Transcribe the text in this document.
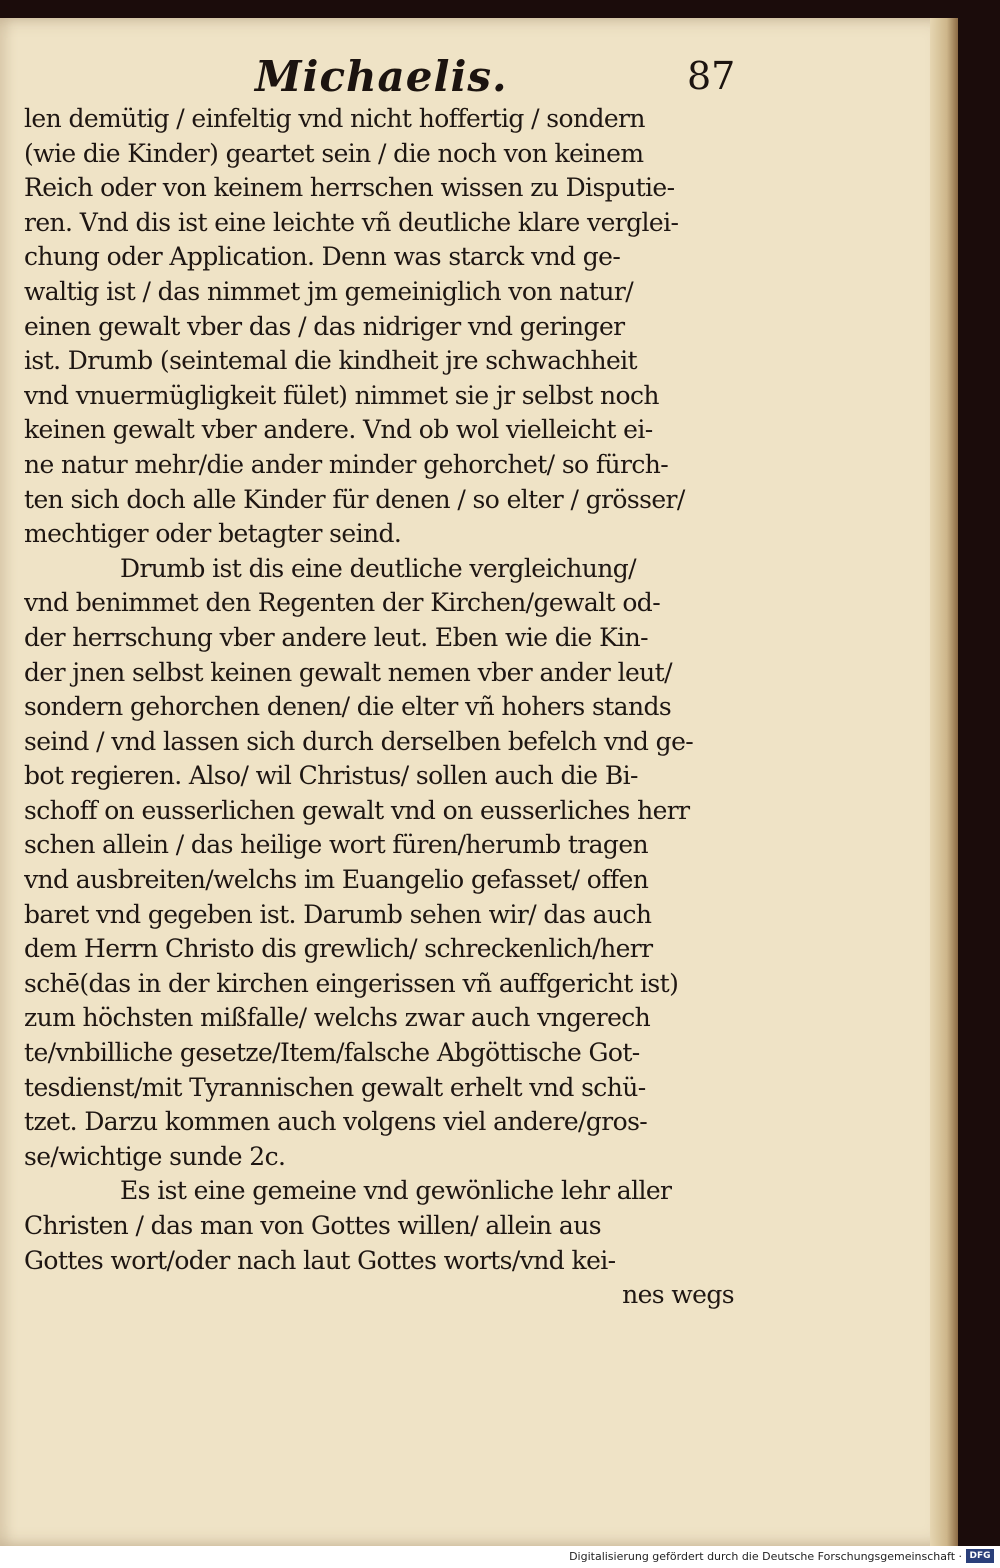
Michaelis.	87
len demütig / einfeltig vnd nicht hoffertig / sondern
(wie die Kinder) geartet sein / die noch von keinem
Reich oder von keinem herrschen wissen zu Disputie-
ren. Vnd dis ist eine leichte vñ deutliche klare verglei-
chung oder Application. Denn was starck vnd ge-
waltig ist / das nimmet jm gemeiniglich von natur/
einen gewalt vber das / das nidriger vnd geringer
ist. Drumb (seintemal die kindheit jre schwachheit
vnd vnuermügligkeit fület) nimmet sie jr selbst noch
keinen gewalt vber andere. Vnd ob wol vielleicht ei-
ne natur mehr/die ander minder gehorchet/ so fürch-
ten sich doch alle Kinder für denen / so elter / grösser/
mechtiger oder betagter seind.
Drumb ist dis eine deutliche vergleichung/
vnd benimmet den Regenten der Kirchen/gewalt od-
der herrschung vber andere leut. Eben wie die Kin-
der jnen selbst keinen gewalt nemen vber ander leut/
sondern gehorchen denen/ die elter vñ hohers stands
seind / vnd lassen sich durch derselben befelch vnd ge-
bot regieren. Also/ wil Christus/ sollen auch die Bi-
schoff on eusserlichen gewalt vnd on eusserliches herr
schen allein / das heilige wort füren/herumb tragen
vnd ausbreiten/welchs im Euangelio gefasset/ offen
baret vnd gegeben ist. Darumb sehen wir/ das auch
dem Herrn Christo dis grewlich/ schreckenlich/herr
schē(das in der kirchen eingerissen vñ auffgericht ist)
zum höchsten mißfalle/ welchs zwar auch vngerech
te/vnbilliche gesetze/Item/falsche Abgöttische Got-
tesdienst/mit Tyrannischen gewalt erhelt vnd schü-
tzet. Darzu kommen auch volgens viel andere/gros-
se/wichtige sunde 2c.
Es ist eine gemeine vnd gewönliche lehr aller
Christen / das man von Gottes willen/ allein aus
Gottes wort/oder nach laut Gottes worts/vnd kei-
nes wegs
Digitalisierung gefördert durch die Deutsche Forschungsgemeinschaft · DFG
